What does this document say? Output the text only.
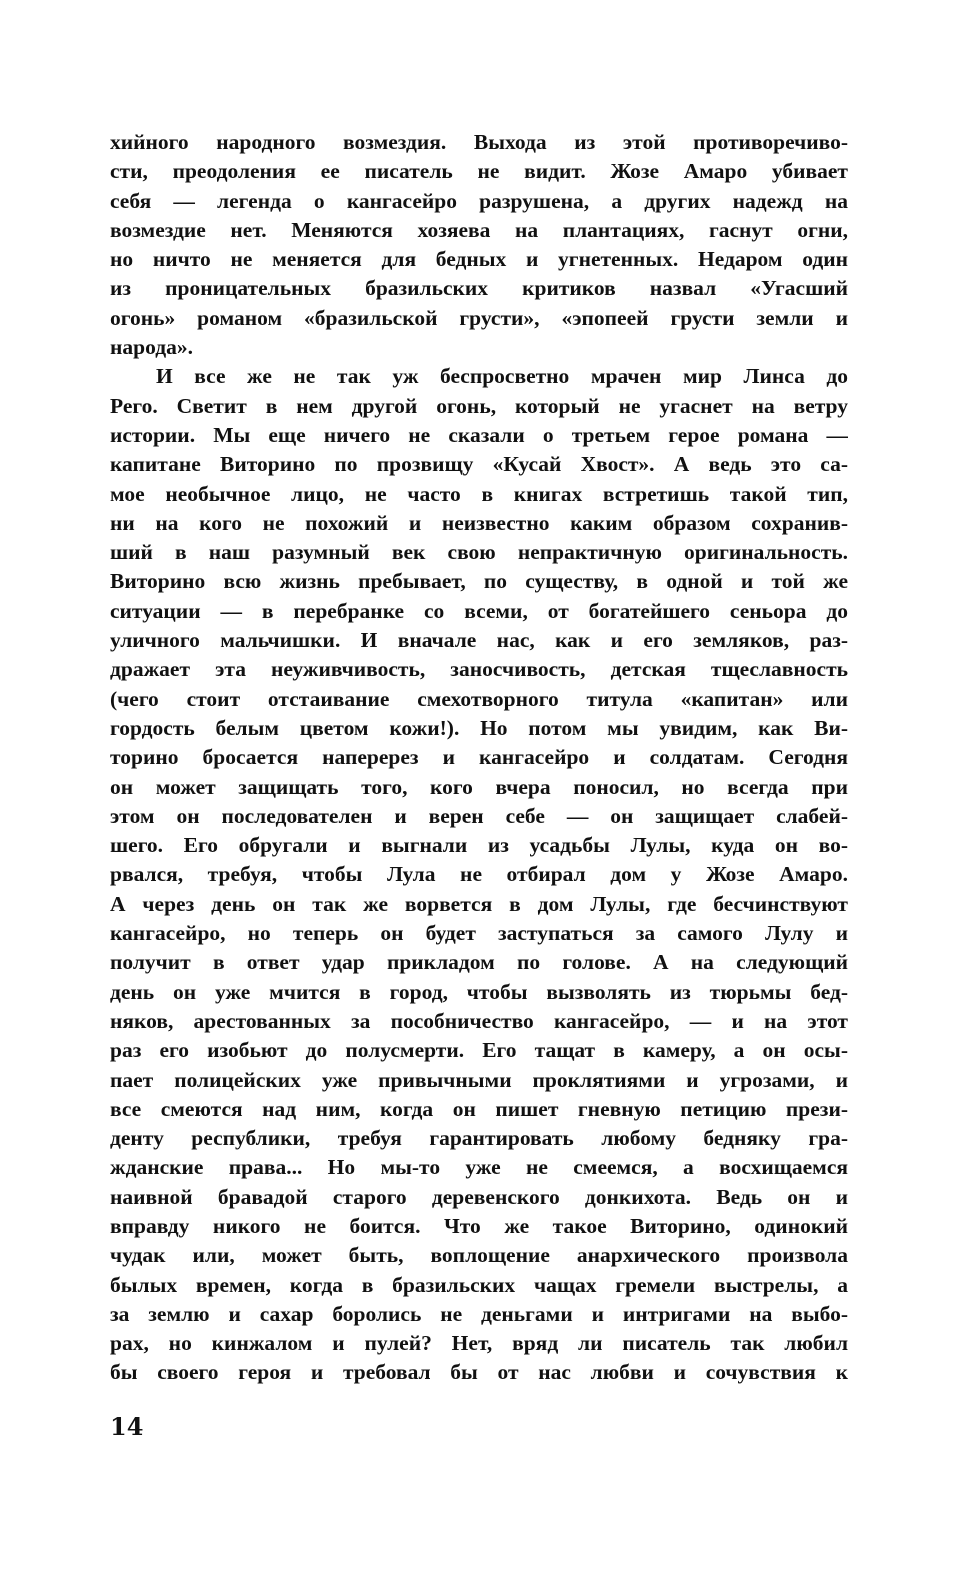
хийного народного возмездия. Выхода из этой противоречиво-
сти, преодоления ее писатель не видит. Жозе Амаро убивает
себя — легенда о кангасейро разрушена, а других надежд на
возмездие нет. Меняются хозяева на плантациях, гаснут огни,
но ничто не меняется для бедных и угнетенных. Недаром один
из проницательных бразильских критиков назвал «Угасший
огонь» романом «бразильской грусти», «эпопеей грусти земли и
народа».
И все же не так уж беспросветно мрачен мир Линса до
Рего. Светит в нем другой огонь, который не угаснет на ветру
истории. Мы еще ничего не сказали о третьем герое романа —
капитане Виторино по прозвищу «Кусай Хвост». А ведь это са-
мое необычное лицо, не часто в книгах встретишь такой тип,
ни на кого не похожий и неизвестно каким образом сохранив-
ший в наш разумный век свою непрактичную оригинальность.
Виторино всю жизнь пребывает, по существу, в одной и той же
ситуации — в перебранке со всеми, от богатейшего сеньора до
уличного мальчишки. И вначале нас, как и его земляков, раз-
дражает эта неуживчивость, заносчивость, детская тщеславность
(чего стоит отстаивание смехотворного титула «капитан» или
гордость белым цветом кожи!). Но потом мы увидим, как Ви-
торино бросается наперерез и кангасейро и солдатам. Сегодня
он может защищать того, кого вчера поносил, но всегда при
этом он последователен и верен себе — он защищает слабей-
шего. Его обругали и выгнали из усадьбы Лулы, куда он во-
рвался, требуя, чтобы Лула не отбирал дом у Жозе Амаро.
А через день он так же ворвется в дом Лулы, где бесчинствуют
кангасейро, но теперь он будет заступаться за самого Лулу и
получит в ответ удар прикладом по голове. А на следующий
день он уже мчится в город, чтобы вызволять из тюрьмы бед-
няков, арестованных за пособничество кангасейро, — и на этот
раз его изобьют до полусмерти. Его тащат в камеру, а он осы-
пает полицейских уже привычными проклятиями и угрозами, и
все смеются над ним, когда он пишет гневную петицию прези-
денту республики, требуя гарантировать любому бедняку гра-
жданские права... Но мы-то уже не смеемся, а восхищаемся
наивной бравадой старого деревенского донкихота. Ведь он и
вправду никого не боится. Что же такое Виторино, одинокий
чудак или, может быть, воплощение анархического произвола
былых времен, когда в бразильских чащах гремели выстрелы, а
за землю и сахар боролись не деньгами и интригами на выбо-
рах, но кинжалом и пулей? Нет, вряд ли писатель так любил
бы своего героя и требовал бы от нас любви и сочувствия к
14
